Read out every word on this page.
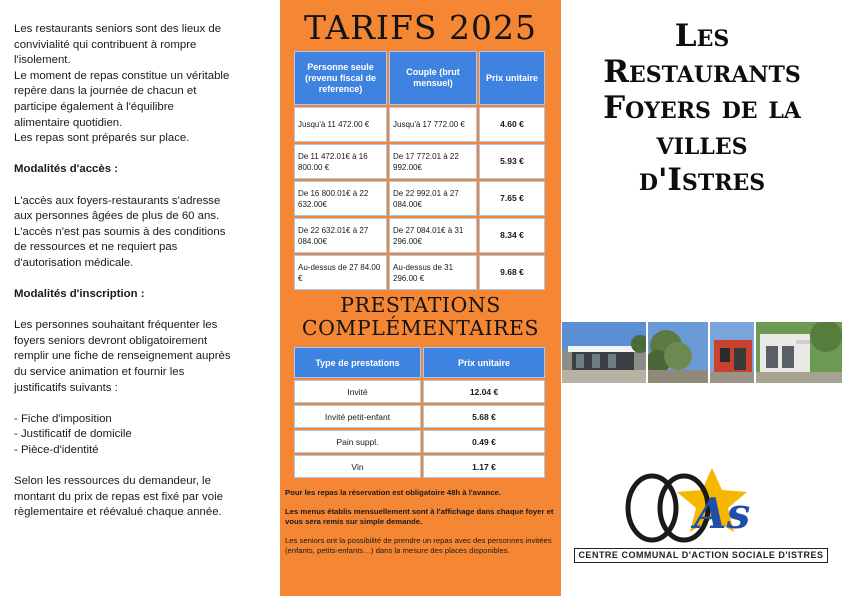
Les restaurants seniors sont des lieux de

convivialité qui contribuent à rompre

l'isolement.

Le moment de repas constitue un véritable

repère dans la journée de chacun et

participe également à l'équilibre

alimentaire quotidien.

Les repas sont préparés sur place.

Modalités d'accès :

L'accès aux foyers-restaurants s'adresse

aux personnes âgées de plus de 60 ans.

L'accès n'est pas soumis à des conditions

de ressources et ne requiert pas

d'autorisation médicale.

Modalités d'inscription :

Les personnes souhaitant fréquenter les

foyers seniors devront obligatoirement

remplir une fiche de renseignement auprès

du service animation et fournir les

justificatifs suivants :

- Fiche d'imposition

- Justificatif de domicile

- Pièce-d'identité

Selon les ressources du demandeur, le

montant du prix de repas est fixé par voie

règlementaire et réévalué chaque année.

TARIFS 2025
Personne seule (revenu fiscal de reference)	Couple (brut mensuel)	Prix unitaire
Jusqu'à 11 472.00 €	Jusqu'à 17 772.00 €	4.60 €
De 11 472.01€ à 16 800.00 €	De 17 772.01 à 22 992.00€	5.93 €
De 16 800.01€ à 22 632.00€	De 22 992.01 à 27 084.00€	7.65 €
De 22 632.01€ à 27 084.00€	De 27 084.01€ à 31 296.00€	8.34 €
Au-dessus de 27 84.00 €	Au-dessus de 31 296.00 €	9.68 €
PRESTATIONS
COMPLÉMENTAIRES
Type de prestations	Prix unitaire
Invité	12.04 €
Invité petit-enfant	5.68 €
Pain suppl.	0.49 €
Vin	1.17 €

Pour les repas la réservation est obligatoire 48h à l'avance.

Les menus établis mensuellement sont à l'affichage dans chaque foyer et vous sera remis sur simple demande.

Les seniors ont la possibilité de prendre un repas avec des personnes invitées (enfants, petits-enfants…) dans la mesure des places disponibles.

Les
Restaurants
Foyers de la
villes
d'Istres
As
CENTRE COMMUNAL D'ACTION SOCIALE D'ISTRES
